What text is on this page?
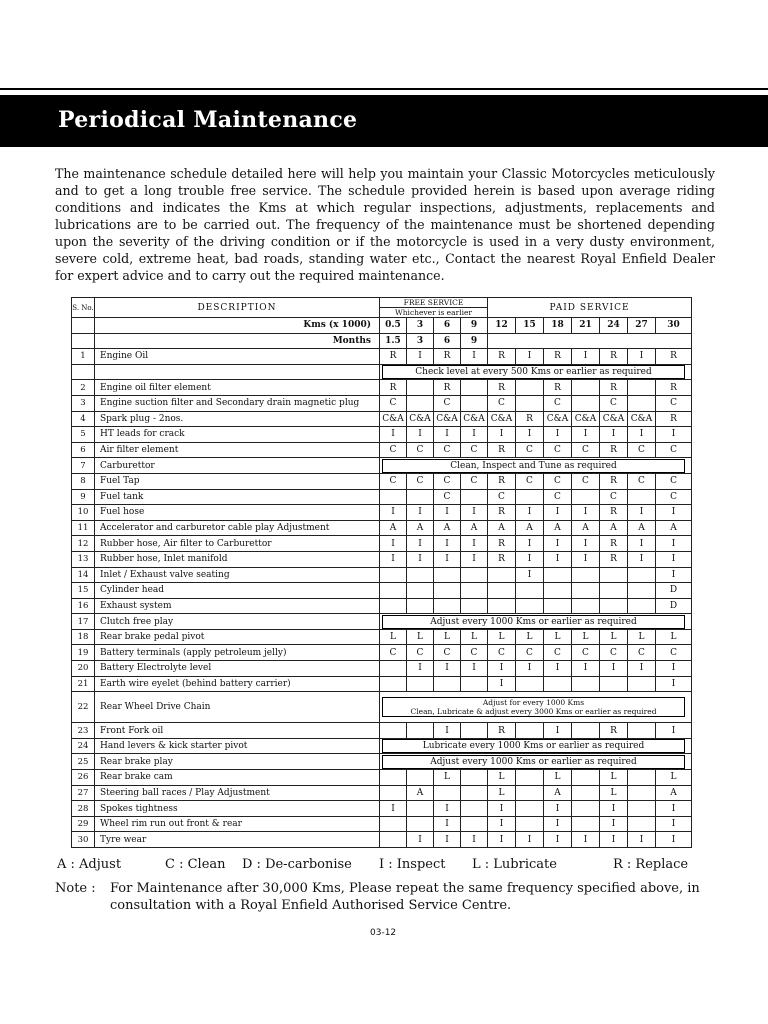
Periodical Maintenance

The maintenance schedule detailed here will help you maintain your Classic Motorcycles meticulously and to get a long trouble free service. The schedule provided herein is based upon average riding conditions and indicates the Kms at which regular inspections, adjustments, replacements and lubrications are to be carried out. The frequency of the maintenance must be shortened depending upon the severity of the driving condition or if the motorcycle is used in a very dusty environment, severe cold, extreme heat, bad roads, standing water etc., Contact the nearest Royal Enfield Dealer for expert advice and to carry out the required maintenance.

S. No.	DESCRIPTION	FREE SERVICE
Whichever is earlier				PAID SERVICE						
	Kms (x 1000)	0.5	3	6	9	12	15	18	21	24	27	30
	Months	1.5	3	6	9							
1	Engine Oil	R	I	R	I	R	I	R	I	R	I	R

		Check level at every 500 Kms or earlier as required										

2	Engine oil filter element	R		R		R		R		R		R
3	Engine suction filter and Secondary drain magnetic plug	C		C		C		C		C		C
4	Spark plug - 2nos.	C&A	C&A	C&A	C&A	C&A	R	C&A	C&A	C&A	C&A	R
5	HT leads for crack	I	I	I	I	I	I	I	I	I	I	I
6	Air filter element	C	C	C	C	R	C	C	C	R	C	C
7	Carburettor	Clean, Inspect and Tune as required										

8	Fuel Tap	C	C	C	C	R	C	C	C	R	C	C
9	Fuel tank			C		C		C		C		C
10	Fuel hose	I	I	I	I	R	I	I	I	R	I	I
11	Accelerator and carburetor cable play Adjustment	A	A	A	A	A	A	A	A	A	A	A
12	Rubber hose, Air filter to Carburettor	I	I	I	I	R	I	I	I	R	I	I
13	Rubber hose, Inlet manifold	I	I	I	I	R	I	I	I	R	I	I
14	Inlet / Exhaust valve seating						I					I
15	Cylinder head											D
16	Exhaust system											D
17	Clutch free play	Adjust every 1000 Kms or earlier as required										

18	Rear brake pedal pivot	L	L	L	L	L	L	L	L	L	L	L
19	Battery terminals (apply petroleum jelly)	C	C	C	C	C	C	C	C	C	C	C
20	Battery Electrolyte level		I	I	I	I	I	I	I	I	I	I
21	Earth wire eyelet (behind battery carrier)					I						I
22	Rear Wheel Drive Chain	Adjust for every 1000 Kms
Clean, Lubricate & adjust every 3000 Kms or earlier as required										

23	Front Fork oil			I		R		I		R		I
24	Hand levers & kick starter pivot	Lubricate every 1000 Kms or earlier as required										

25	Rear brake play	Adjust every 1000 Kms or earlier as required										

26	Rear brake cam			L		L		L		L		L
27	Steering ball races / Play Adjustment		A			L		A		L		A
28	Spokes tightness	I		I		I		I		I		I
29	Wheel rim run out front & rear			I		I		I		I		I
30	Tyre wear		I	I	I	I	I	I	I	I	I	I
A : Adjust	C : Clean D : De-carbonise I : Inspect L : Lubricate	R : Replace
Note : For Maintenance after 30,000 Kms, Please repeat the same frequency specified above, in consultation with a Royal Enfield Authorised Service Centre.
03-12
